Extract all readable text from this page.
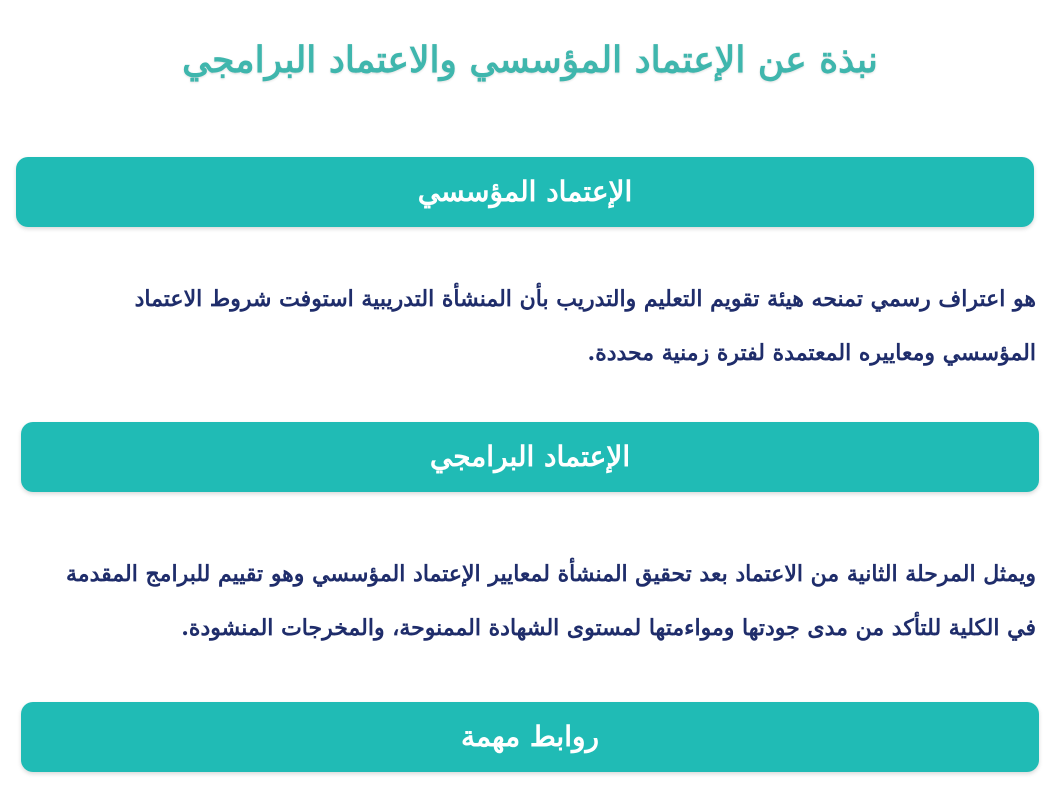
نبذة عن الإعتماد المؤسسي والاعتماد البرامجي
الإعتماد المؤسسي

هو اعتراف رسمي تمنحه هيئة تقويم التعليم والتدريب بأن المنشأة التدريبية استوفت شروط الاعتماد المؤسسي ومعاييره المعتمدة لفترة زمنية محددة.

الإعتماد البرامجي

ويمثل المرحلة الثانية من الاعتماد بعد تحقيق المنشأة لمعايير الإعتماد المؤسسي وهو تقييم للبرامج المقدمة في الكلية للتأكد من مدى جودتها ومواءمتها لمستوى الشهادة الممنوحة، والمخرجات المنشودة.

روابط مهمة
